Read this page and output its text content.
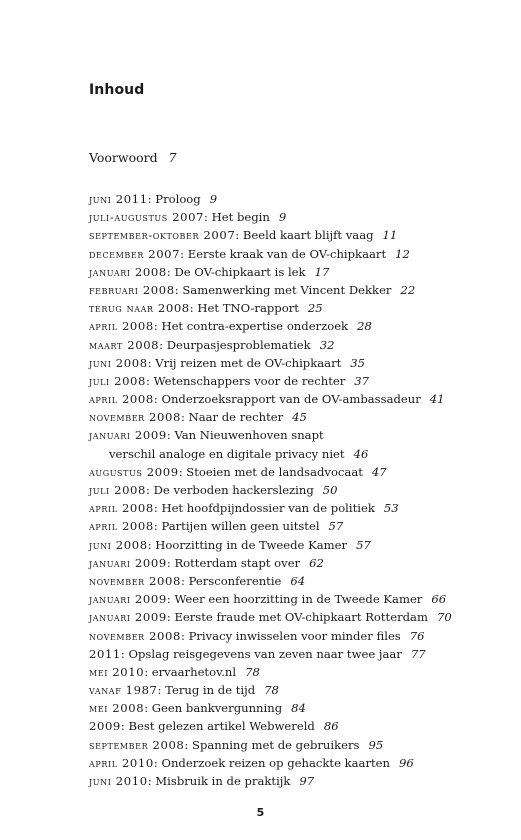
Inhoud
Voorwoord 7
juni 2011: Proloog 9
juli-augustus 2007: Het begin 9
september-oktober 2007: Beeld kaart blijft vaag 11
december 2007: Eerste kraak van de OV-chipkaart 12
januari 2008: De OV-chipkaart is lek 17
februari 2008: Samenwerking met Vincent Dekker 22
terug naar 2008: Het TNO-rapport 25
april 2008: Het contra-expertise onderzoek 28
maart 2008: Deurpasjesproblematiek 32
juni 2008: Vrij reizen met de OV-chipkaart 35
juli 2008: Wetenschappers voor de rechter 37
april 2008: Onderzoeksrapport van de OV-ambassadeur 41
november 2008: Naar de rechter 45
januari 2009: Van Nieuwenhoven snapt
verschil analoge en digitale privacy niet 46
augustus 2009: Stoeien met de landsadvocaat 47
juli 2008: De verboden hackerslezing 50
april 2008: Het hoofdpijndossier van de politiek 53
april 2008: Partijen willen geen uitstel 57
juni 2008: Hoorzitting in de Tweede Kamer 57
januari 2009: Rotterdam stapt over 62
november 2008: Persconferentie 64
januari 2009: Weer een hoorzitting in de Tweede Kamer 66
januari 2009: Eerste fraude met OV-chipkaart Rotterdam 70
november 2008: Privacy inwisselen voor minder files 76
2011: Opslag reisgegevens van zeven naar twee jaar 77
mei 2010: ervaarhetov.nl 78
vanaf 1987: Terug in de tijd 78
mei 2008: Geen bankvergunning 84
2009: Best gelezen artikel Webwereld 86
september 2008: Spanning met de gebruikers 95
april 2010: Onderzoek reizen op gehackte kaarten 96
juni 2010: Misbruik in de praktijk 97
5
